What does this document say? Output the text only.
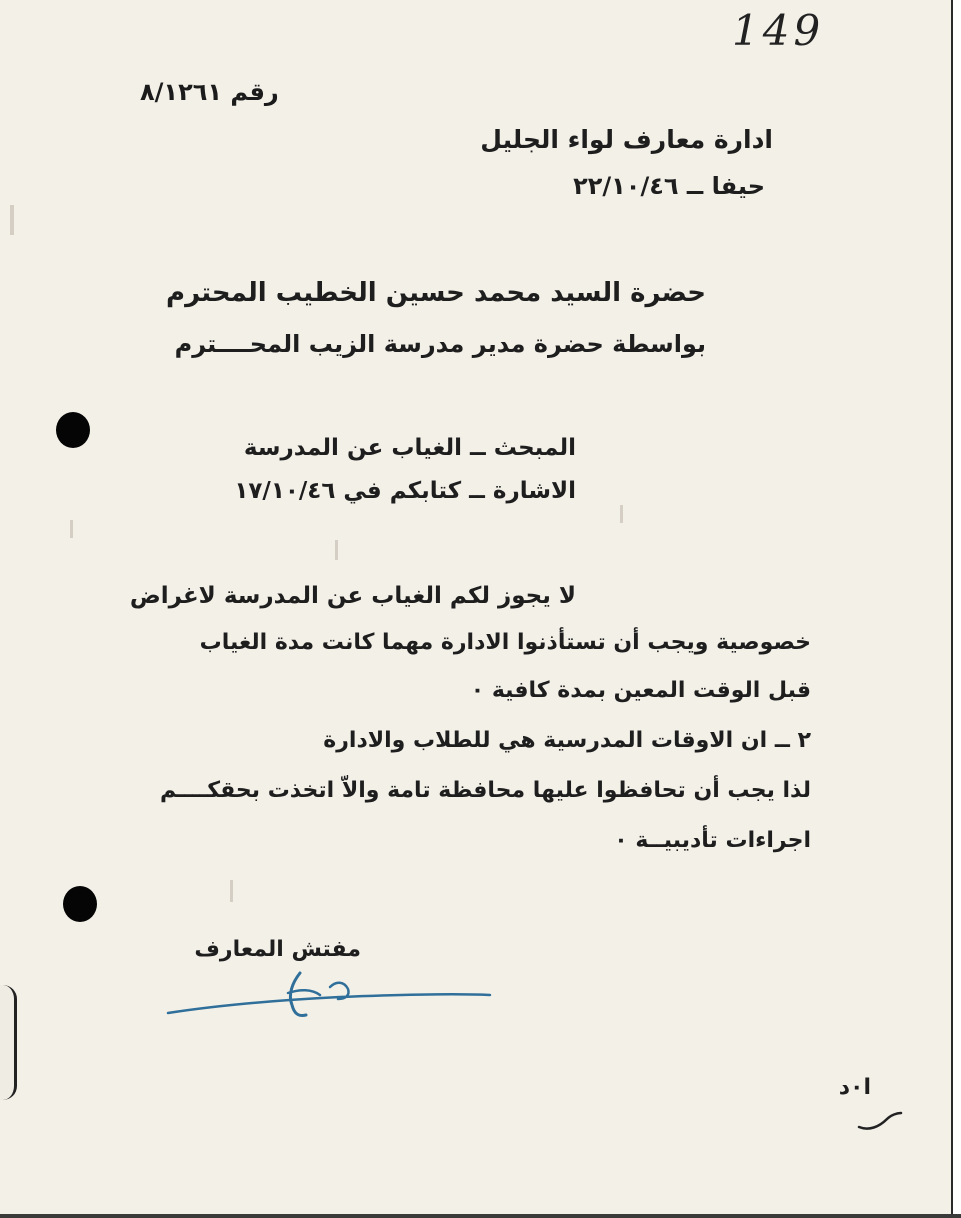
149
رقم ٨/١٢٦١
ادارة معارف لواء الجليل
حيفا ــ ٢٢/١٠/٤٦
حضرة السيد محمد حسين الخطيب المحترم
بواسطة حضرة مدير مدرسة الزيب المحــــترم
المبحث ــ الغياب عن المدرسة
الاشارة ــ كتابكم في ١٧/١٠/٤٦
لا يجوز لكم الغياب عن المدرسة لاغراض
خصوصية ويجب أن تستأذنوا الادارة مهما كانت مدة الغياب
قبل الوقت المعين بمدة كافية ٠
٢ ــ ان الاوقات المدرسية هي للطلاب والادارة
لذا يجب أن تحافظوا عليها محافظة تامة والاّ اتخذت بحقكــــم
اجراءات تأديبيــة ٠
مفتش المعارف
ا٠د
